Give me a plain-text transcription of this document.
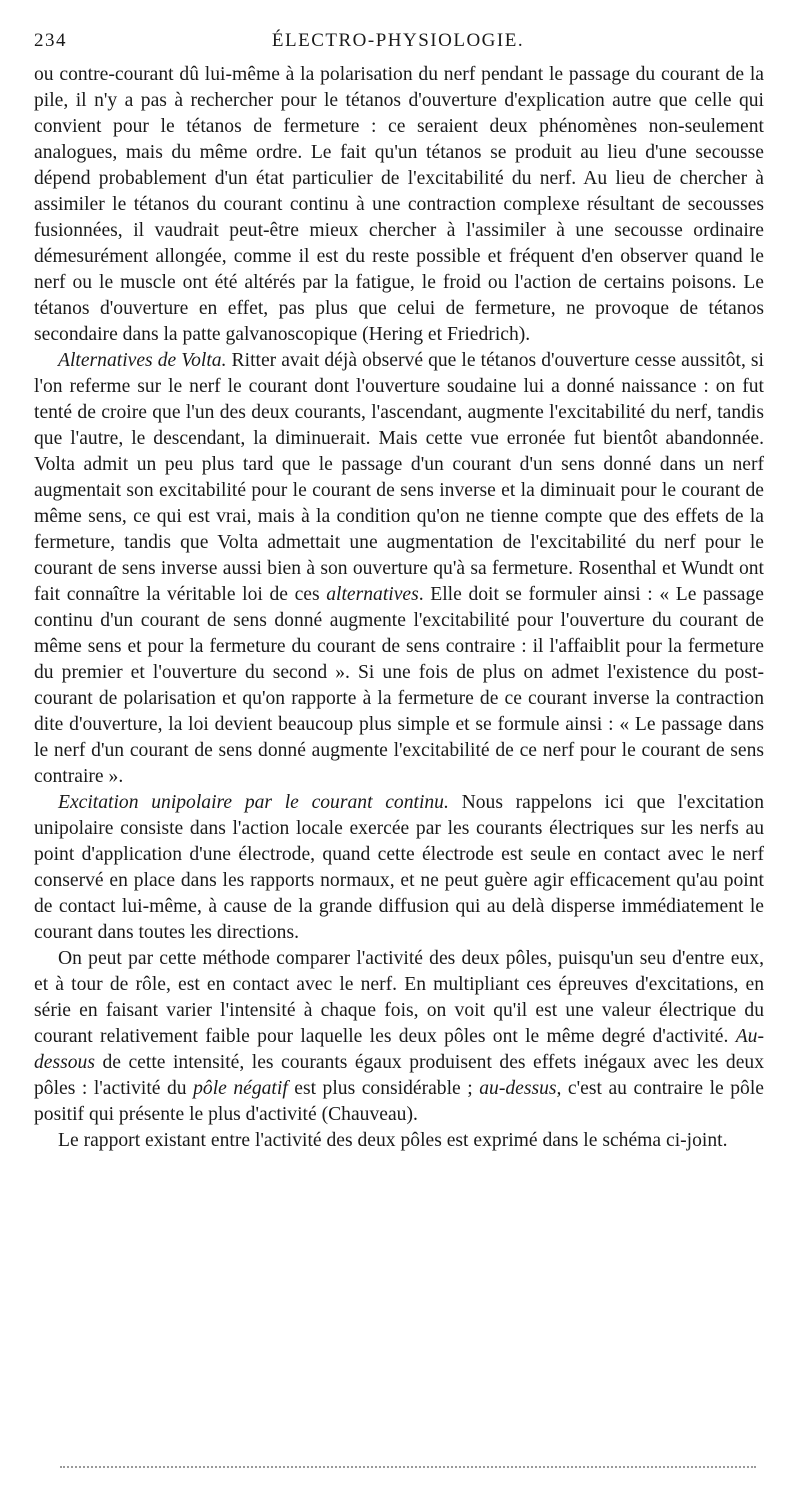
234	ÉLECTRO-PHYSIOLOGIE.

ou contre-courant dû lui-même à la polarisation du nerf pendant le passage du courant de la pile, il n'y a pas à rechercher pour le tétanos d'ouverture d'explication autre que celle qui convient pour le tétanos de fermeture : ce seraient deux phénomènes non-seulement analogues, mais du même ordre. Le fait qu'un tétanos se produit au lieu d'une secousse dépend probablement d'un état particulier de l'excitabilité du nerf. Au lieu de chercher à assimiler le tétanos du courant continu à une contraction complexe résultant de secousses fusionnées, il vaudrait peut-être mieux chercher à l'assimiler à une secousse ordinaire démesurément allongée, comme il est du reste possible et fréquent d'en observer quand le nerf ou le muscle ont été altérés par la fatigue, le froid ou l'action de certains poisons. Le tétanos d'ouverture en effet, pas plus que celui de fermeture, ne provoque de tétanos secondaire dans la patte galvanoscopique (Hering et Friedrich).

Alternatives de Volta. Ritter avait déjà observé que le tétanos d'ouverture cesse aussitôt, si l'on referme sur le nerf le courant dont l'ouverture soudaine lui a donné naissance : on fut tenté de croire que l'un des deux courants, l'ascendant, augmente l'excitabilité du nerf, tandis que l'autre, le descendant, la diminuerait. Mais cette vue erronée fut bientôt abandonnée. Volta admit un peu plus tard que le passage d'un courant d'un sens donné dans un nerf augmentait son excitabilité pour le courant de sens inverse et la diminuait pour le courant de même sens, ce qui est vrai, mais à la condition qu'on ne tienne compte que des effets de la fermeture, tandis que Volta admettait une augmentation de l'excitabilité du nerf pour le courant de sens inverse aussi bien à son ouverture qu'à sa fermeture. Rosenthal et Wundt ont fait connaître la véritable loi de ces alternatives. Elle doit se formuler ainsi : « Le passage continu d'un courant de sens donné augmente l'excitabilité pour l'ouverture du courant de même sens et pour la fermeture du courant de sens contraire : il l'affaiblit pour la fermeture du premier et l'ouverture du second ». Si une fois de plus on admet l'existence du post-courant de polarisation et qu'on rapporte à la fermeture de ce courant inverse la contraction dite d'ouverture, la loi devient beaucoup plus simple et se formule ainsi : « Le passage dans le nerf d'un courant de sens donné augmente l'excitabilité de ce nerf pour le courant de sens contraire ».

Excitation unipolaire par le courant continu. Nous rappelons ici que l'excitation unipolaire consiste dans l'action locale exercée par les courants électriques sur les nerfs au point d'application d'une électrode, quand cette électrode est seule en contact avec le nerf conservé en place dans les rapports normaux, et ne peut guère agir efficacement qu'au point de contact lui-même, à cause de la grande diffusion qui au delà disperse immédiatement le courant dans toutes les directions.

On peut par cette méthode comparer l'activité des deux pôles, puisqu'un seu d'entre eux, et à tour de rôle, est en contact avec le nerf. En multipliant ces épreuves d'excitations, en série en faisant varier l'intensité à chaque fois, on voit qu'il est une valeur électrique du courant relativement faible pour laquelle les deux pôles ont le même degré d'activité. Au-dessous de cette intensité, les courants égaux produisent des effets inégaux avec les deux pôles : l'activité du pôle négatif est plus considérable ; au-dessus, c'est au contraire le pôle positif qui présente le plus d'activité (Chauveau).

Le rapport existant entre l'activité des deux pôles est exprimé dans le schéma ci-joint.
